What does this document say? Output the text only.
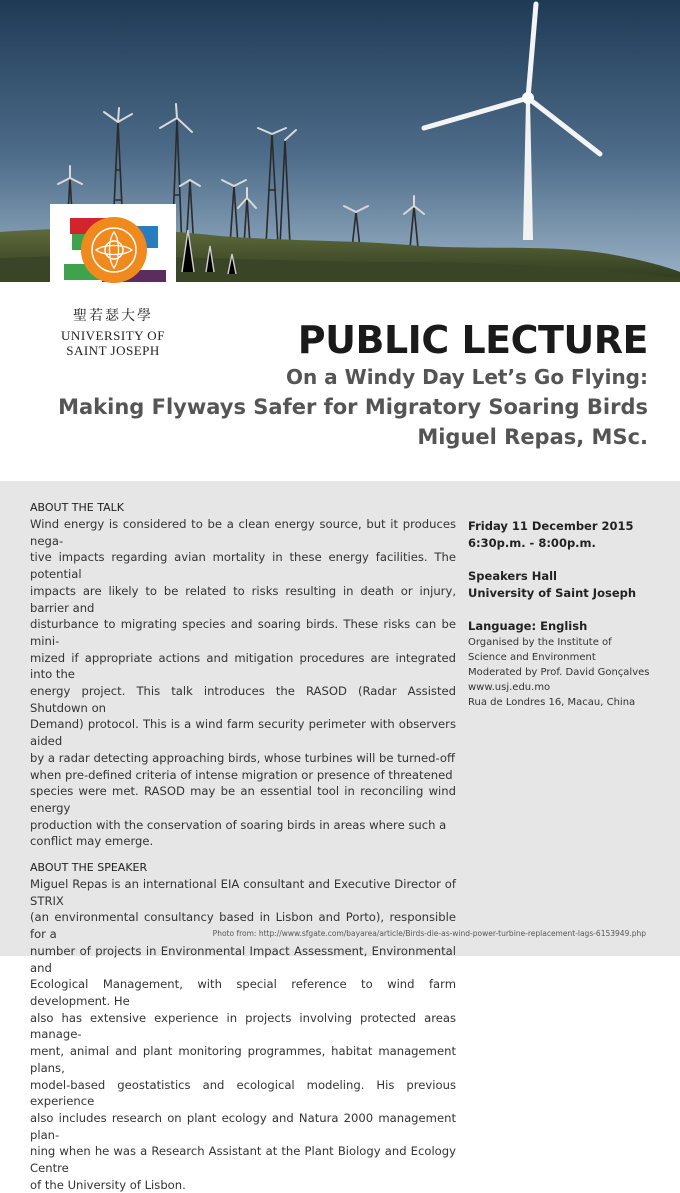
聖若瑟大學
UNIVERSITY OF
SAINT JOSEPH	PUBLIC LECTURE
On a Windy Day Let’s Go Flying:
Making Flyways Safer for Migratory Soaring Birds
Miguel Repas, MSc.
ABOUT THE TALK
Wind energy is considered to be a clean energy source, but it produces nega-
tive impacts regarding avian mortality in these energy facilities. The potential
impacts are likely to be related to risks resulting in death or injury, barrier and
disturbance to migrating species and soaring birds. These risks can be mini-
mized if appropriate actions and mitigation procedures are integrated into the
energy project. This talk introduces the RASOD (Radar Assisted Shutdown on
Demand) protocol. This is a wind farm security perimeter with observers aided
by a radar detecting approaching birds, whose turbines will be turned-off
when pre-defined criteria of intense migration or presence of threatened
species were met. RASOD may be an essential tool in reconciling wind energy
production with the conservation of soaring birds in areas where such a
conflict may emerge.
ABOUT THE SPEAKER
Miguel Repas is an international EIA consultant and Executive Director of STRIX
(an environmental consultancy based in Lisbon and Porto), responsible for a
number of projects in Environmental Impact Assessment, Environmental and
Ecological Management, with special reference to wind farm development. He
also has extensive experience in projects involving protected areas manage-
ment, animal and plant monitoring programmes, habitat management plans,
model-based geostatistics and ecological modeling. His previous experience
also includes research on plant ecology and Natura 2000 management plan-
ning when he was a Research Assistant at the Plant Biology and Ecology Centre
of the University of Lisbon.
Friday 11 December 2015
6:30p.m. - 8:00p.m.
Speakers Hall
University of Saint Joseph
Language: English
Organised by the Institute of
Science and Environment
Moderated by Prof. David Gonçalves
www.usj.edu.mo
Rua de Londres 16, Macau, China
Photo from: http://www.sfgate.com/bayarea/article/Birds-die-as-wind-power-turbine-replacement-lags-6153949.php
